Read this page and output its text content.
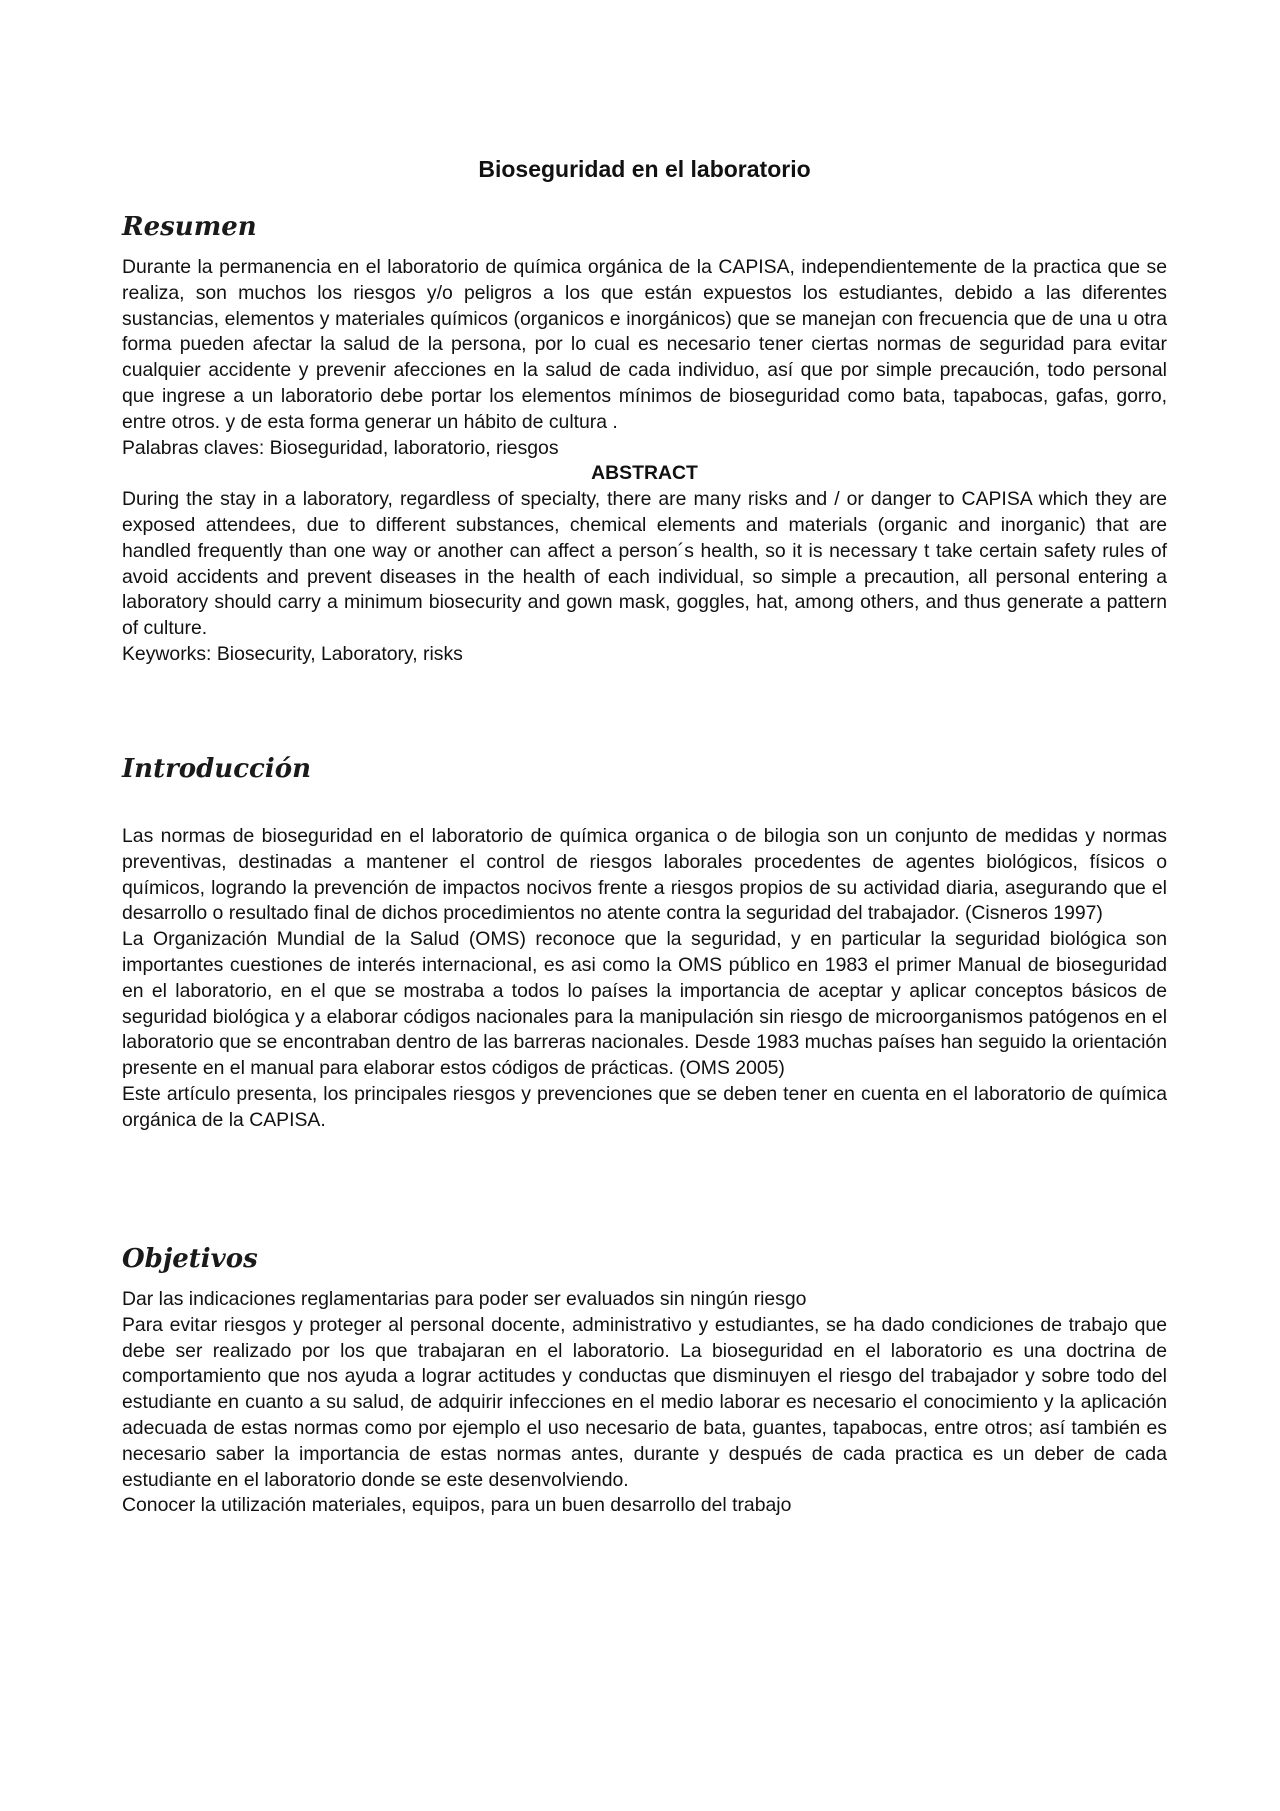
Bioseguridad en el laboratorio
Resumen

Durante la permanencia en el laboratorio de química orgánica de la CAPISA, independientemente de la practica que se realiza, son muchos los riesgos y/o peligros a los que están expuestos los estudiantes, debido a las diferentes sustancias, elementos y materiales químicos (organicos e inorgánicos) que se manejan con frecuencia que de una u otra forma pueden afectar la salud de la persona, por lo cual es necesario tener ciertas normas de seguridad para evitar cualquier accidente y prevenir afecciones en la salud de cada individuo, así que por simple precaución, todo personal que ingrese a un laboratorio debe portar los elementos mínimos de bioseguridad como bata, tapabocas, gafas, gorro, entre otros. y de esta forma generar un hábito de cultura .

Palabras claves: Bioseguridad, laboratorio, riesgos

ABSTRACT

During the stay in a laboratory, regardless of specialty, there are many risks and / or danger to CAPISA which they are exposed attendees, due to different substances, chemical elements and materials (organic and inorganic) that are handled frequently than one way or another can affect a person´s health, so it is necessary t take certain safety rules of avoid accidents and prevent diseases in the health of each individual, so simple a precaution, all personal entering a laboratory should carry a minimum biosecurity and gown mask, goggles, hat, among others, and thus generate a pattern of culture.

Keyworks: Biosecurity, Laboratory, risks

Introducción

Las normas de bioseguridad en el laboratorio de química organica o de bilogia son un conjunto de medidas y normas preventivas, destinadas a mantener el control de riesgos laborales procedentes de agentes biológicos, físicos o químicos, logrando la prevención de impactos nocivos frente a riesgos propios de su actividad diaria, asegurando que el desarrollo o resultado final de dichos procedimientos no atente contra la seguridad del trabajador. (Cisneros 1997)

La Organización Mundial de la Salud (OMS) reconoce que la seguridad, y en particular la seguridad biológica son importantes cuestiones de interés internacional, es asi como la OMS público en 1983 el primer Manual de bioseguridad en el laboratorio, en el que se mostraba a todos lo países la importancia de aceptar y aplicar conceptos básicos de seguridad biológica y a elaborar códigos nacionales para la manipulación sin riesgo de microorganismos patógenos en el laboratorio que se encontraban dentro de las barreras nacionales. Desde 1983 muchas países han seguido la orientación presente en el manual para elaborar estos códigos de prácticas. (OMS 2005)

Este artículo presenta, los principales riesgos y prevenciones que se deben tener en cuenta en el laboratorio de química orgánica de la CAPISA.

Objetivos

Dar las indicaciones reglamentarias para poder ser evaluados sin ningún riesgo

Para evitar riesgos y proteger al personal docente, administrativo y estudiantes, se ha dado condiciones de trabajo que debe ser realizado por los que trabajaran en el laboratorio. La bioseguridad en el laboratorio es una doctrina de comportamiento que nos ayuda a lograr actitudes y conductas que disminuyen el riesgo del trabajador y sobre todo del estudiante en cuanto a su salud, de adquirir infecciones en el medio laborar es necesario el conocimiento y la aplicación adecuada de estas normas como por ejemplo el uso necesario de bata, guantes, tapabocas, entre otros; así también es necesario saber la importancia de estas normas antes, durante y después de cada practica es un deber de cada estudiante en el laboratorio donde se este desenvolviendo.

Conocer la utilización materiales, equipos, para un buen desarrollo del trabajo
